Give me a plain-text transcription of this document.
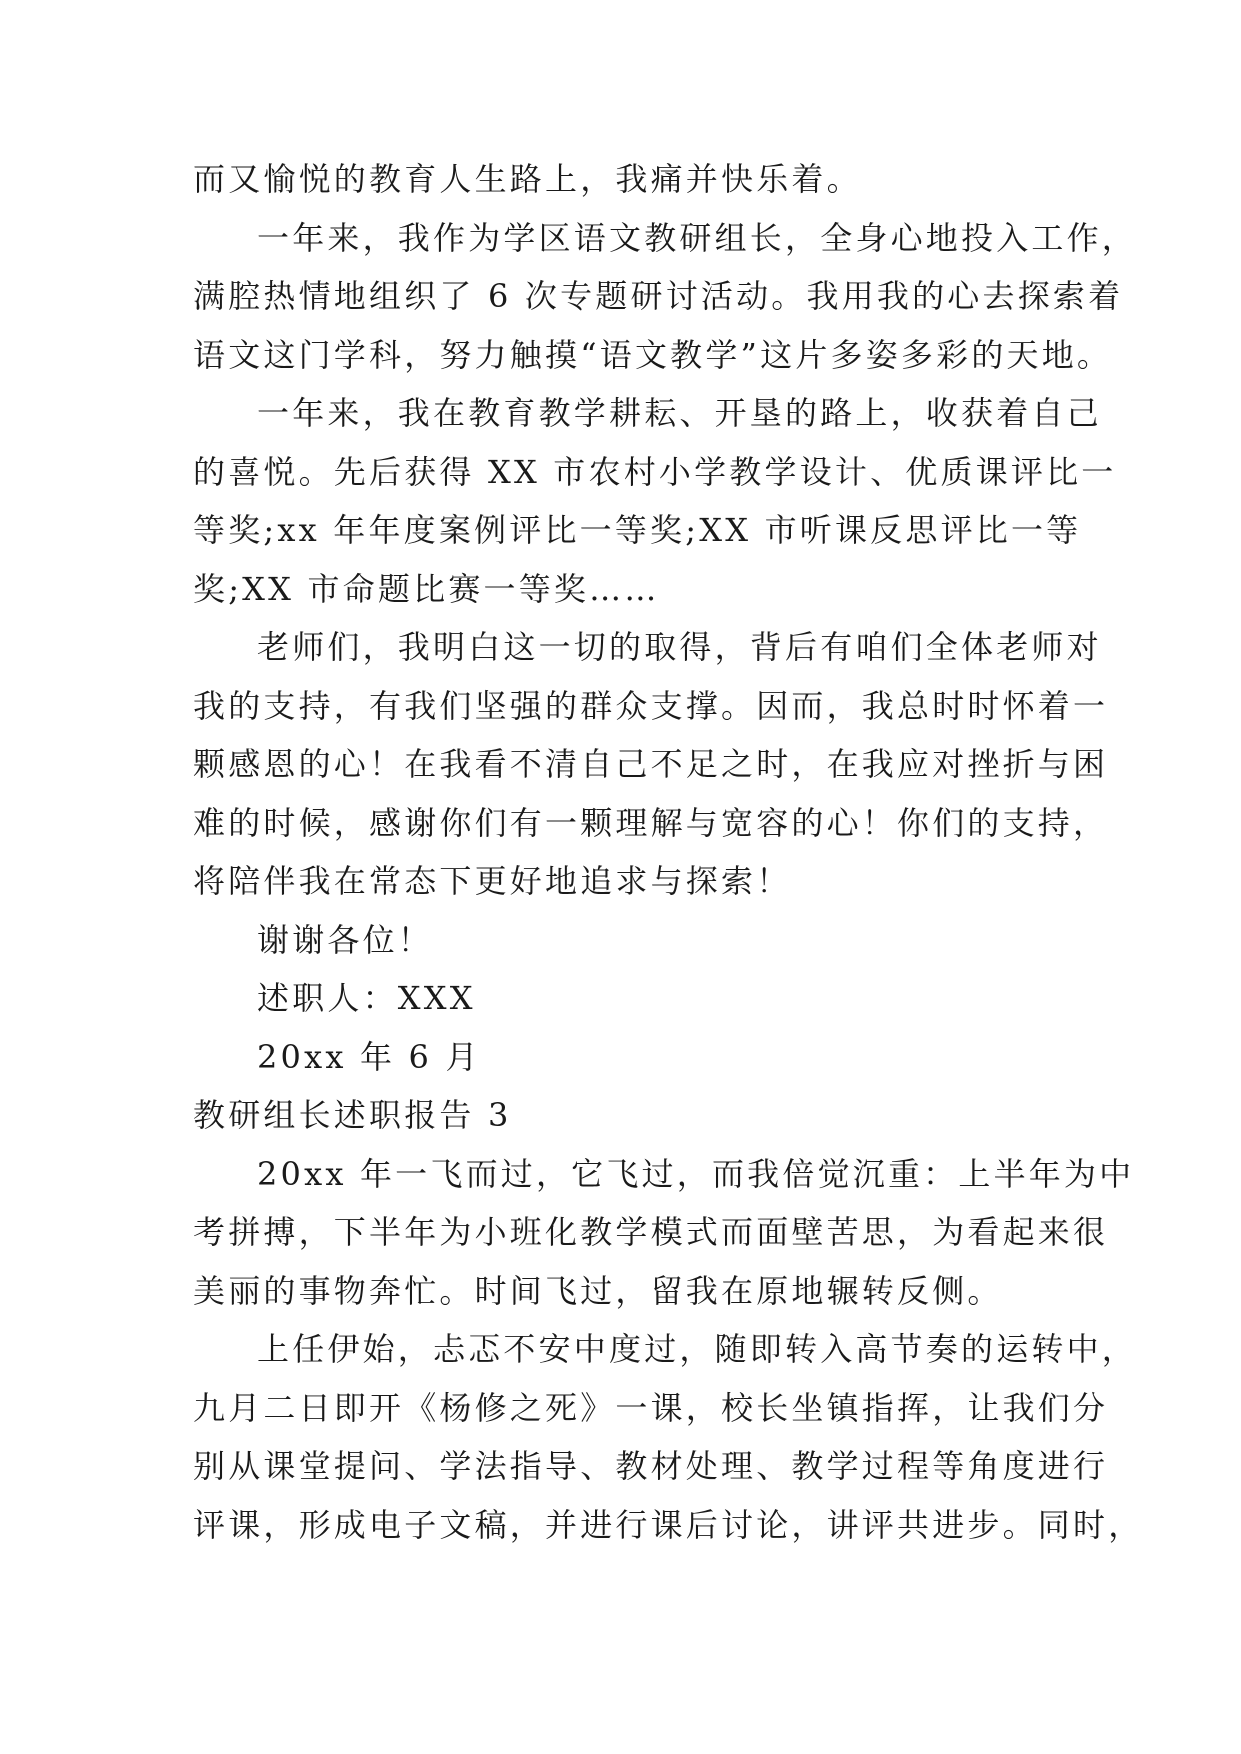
而又愉悦的教育人生路上，我痛并快乐着。
一年来，我作为学区语文教研组长，全身心地投入工作，
满腔热情地组织了 6 次专题研讨活动。我用我的心去探索着
语文这门学科，努力触摸“语文教学”这片多姿多彩的天地。
一年来，我在教育教学耕耘、开垦的路上，收获着自己
的喜悦。先后获得 XX 市农村小学教学设计、优质课评比一
等奖;xx 年年度案例评比一等奖;XX 市听课反思评比一等
奖;XX 市命题比赛一等奖……
老师们，我明白这一切的取得，背后有咱们全体老师对
我的支持，有我们坚强的群众支撑。因而，我总时时怀着一
颗感恩的心！在我看不清自己不足之时，在我应对挫折与困
难的时候，感谢你们有一颗理解与宽容的心！你们的支持，
将陪伴我在常态下更好地追求与探索！
谢谢各位！
述职人：XXX
20xx 年 6 月
教研组长述职报告 3
20xx 年一飞而过，它飞过，而我倍觉沉重：上半年为中
考拼搏，下半年为小班化教学模式而面壁苦思，为看起来很
美丽的事物奔忙。时间飞过，留我在原地辗转反侧。
上任伊始，忐忑不安中度过，随即转入高节奏的运转中，
九月二日即开《杨修之死》一课，校长坐镇指挥，让我们分
别从课堂提问、学法指导、教材处理、教学过程等角度进行
评课，形成电子文稿，并进行课后讨论，讲评共进步。同时，
